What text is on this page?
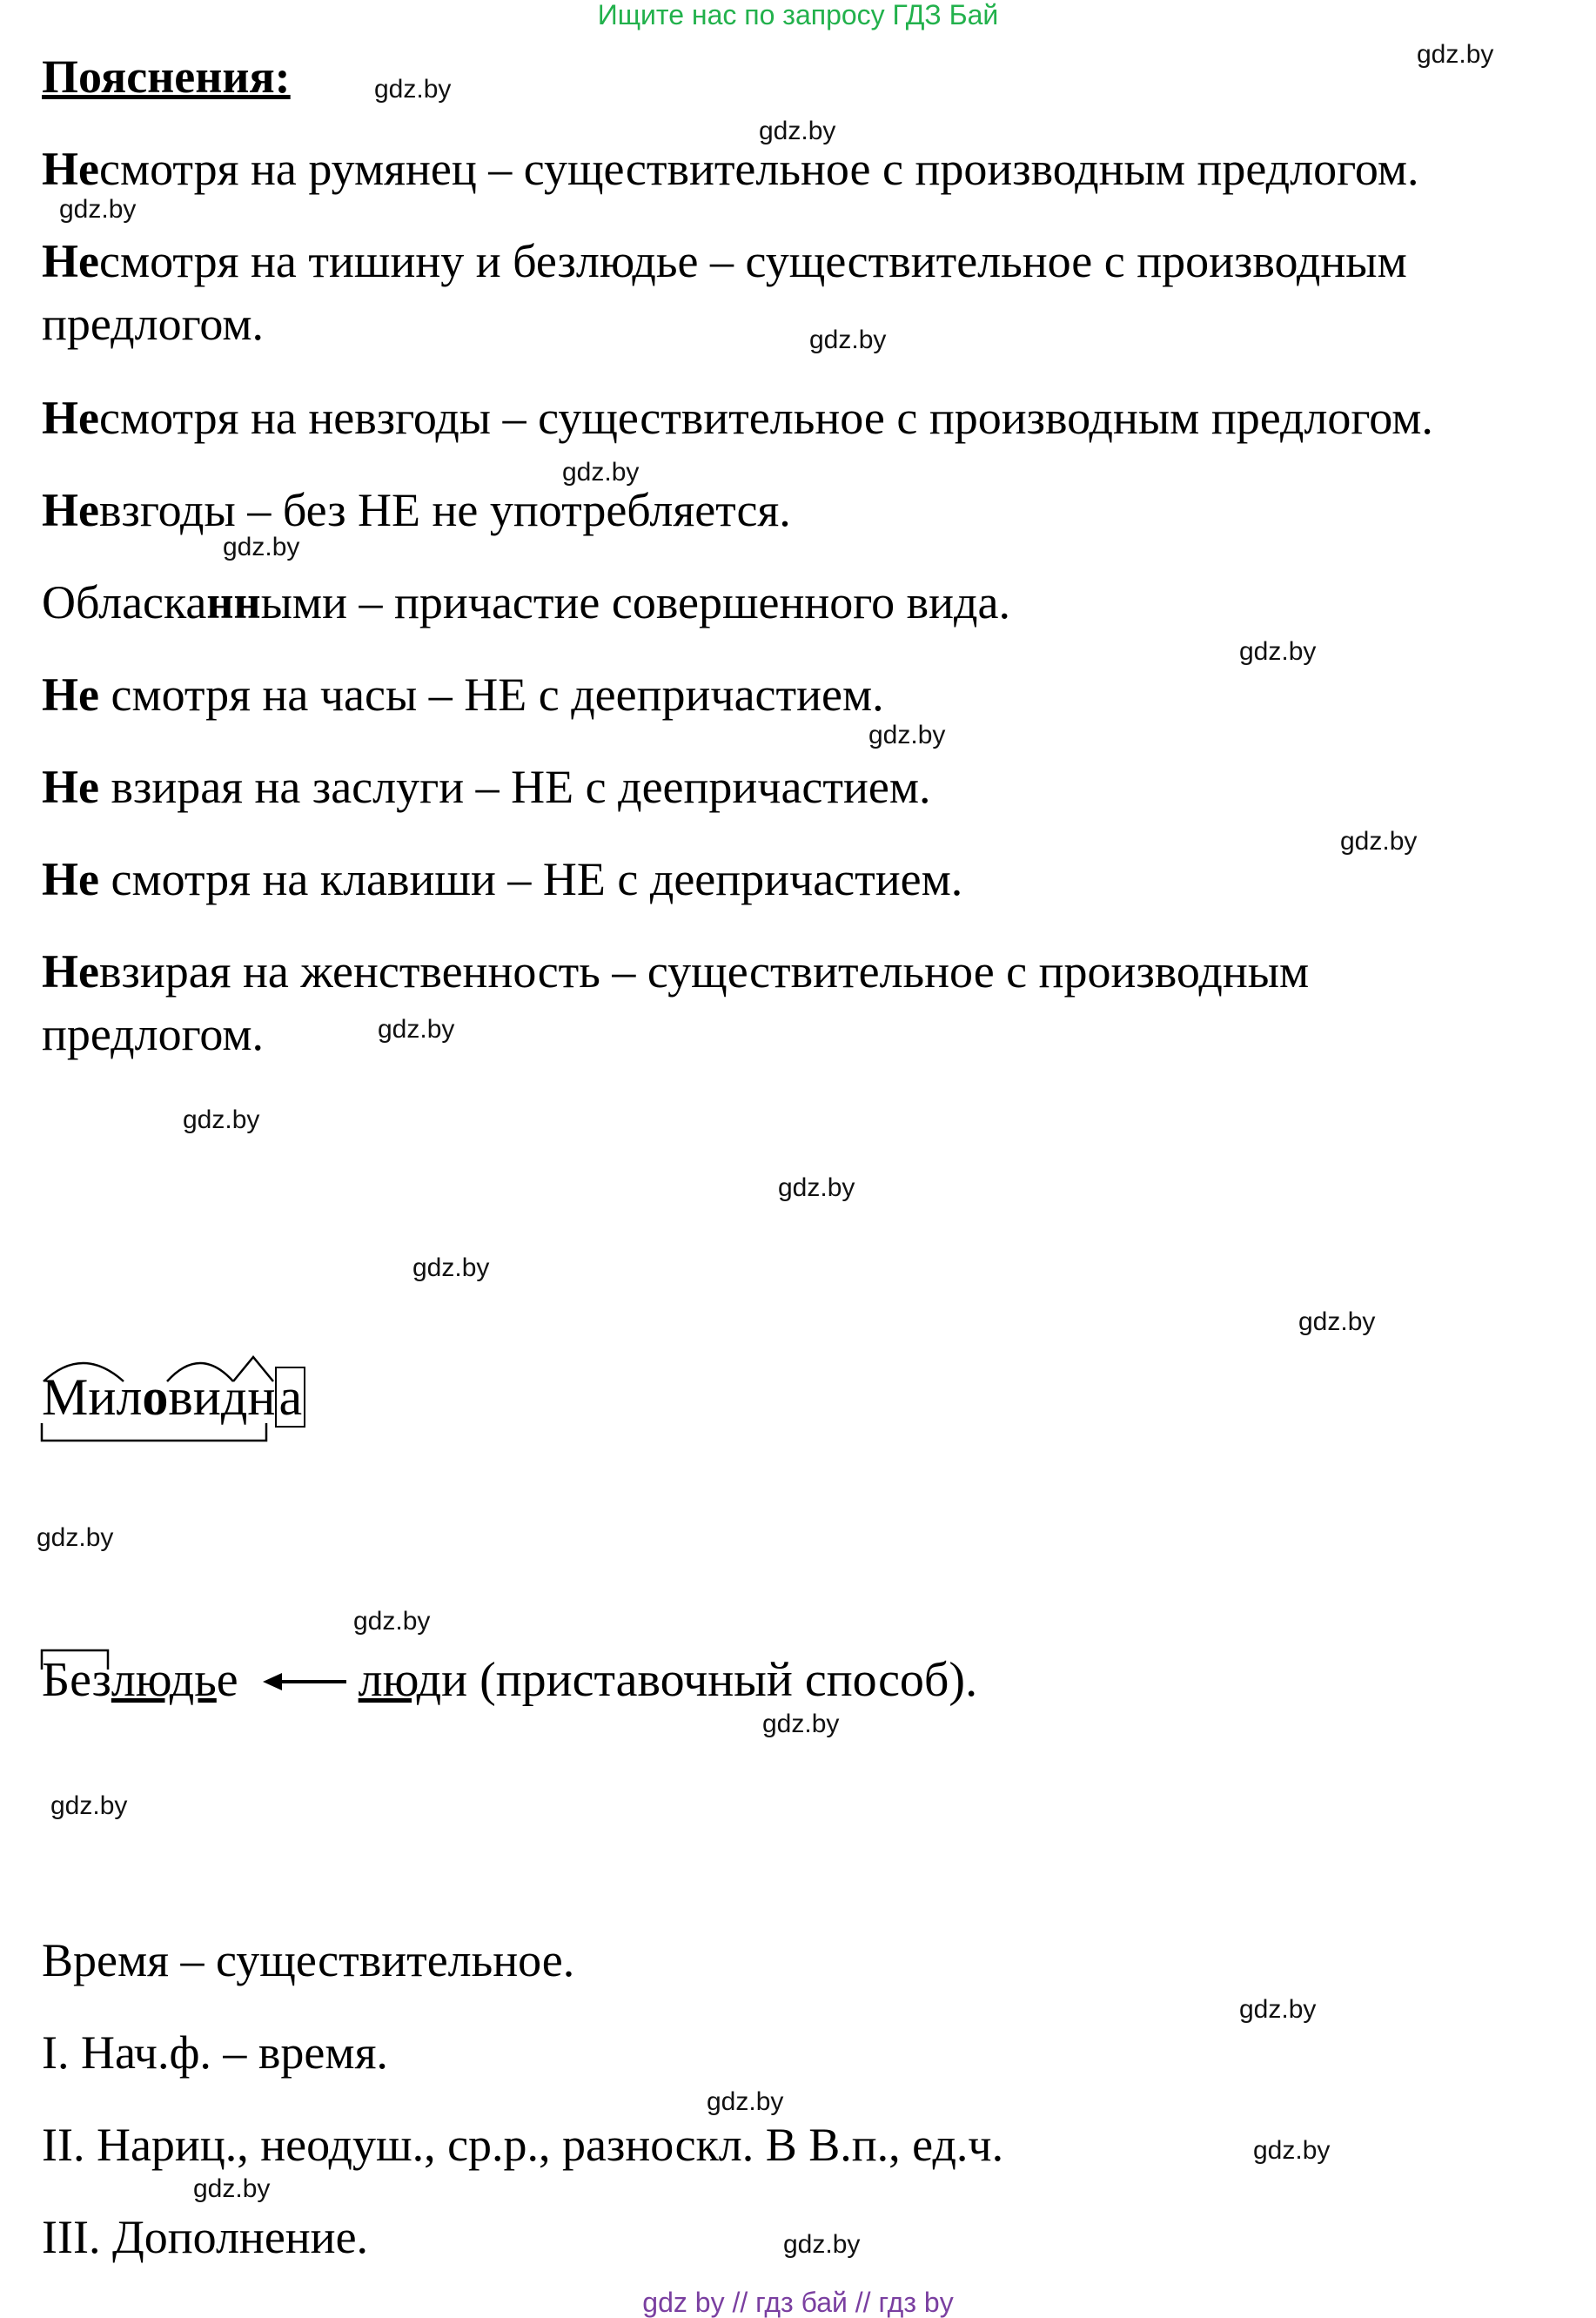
Ищите нас по запросу ГДЗ Бай
Пояснения:
Несмотря на румянец – существительное с производным предлогом.
Несмотря на тишину и безлюдье – существительное с производным
предлогом.
Несмотря на невзгоды – существительное с производным предлогом.
Невзгоды – без НЕ не употребляется.
Обласканными – причастие совершенного вида.
Не смотря на часы – НЕ с деепричастием.
Не взирая на заслуги – НЕ с деепричастием.
Не смотря на клавиши – НЕ с деепричастием.
Невзирая на женственность – существительное с производным
предлогом.
Миловидна
Безлюдье люди (приставочный способ).
Время – существительное.
I. Нач.ф. – время.
II. Нариц., неодуш., ср.р., разноскл. В В.п., ед.ч.
III. Дополнение.
gdz.by
gdz.by
gdz.by
gdz.by
gdz.by
gdz.by
gdz.by
gdz.by
gdz.by
gdz.by
gdz.by
gdz.by
gdz.by
gdz.by
gdz.by
gdz.by
gdz.by
gdz.by
gdz.by
gdz.by
gdz.by
gdz.by
gdz.by
gdz.by
gdz by // гдз бай // гдз by
